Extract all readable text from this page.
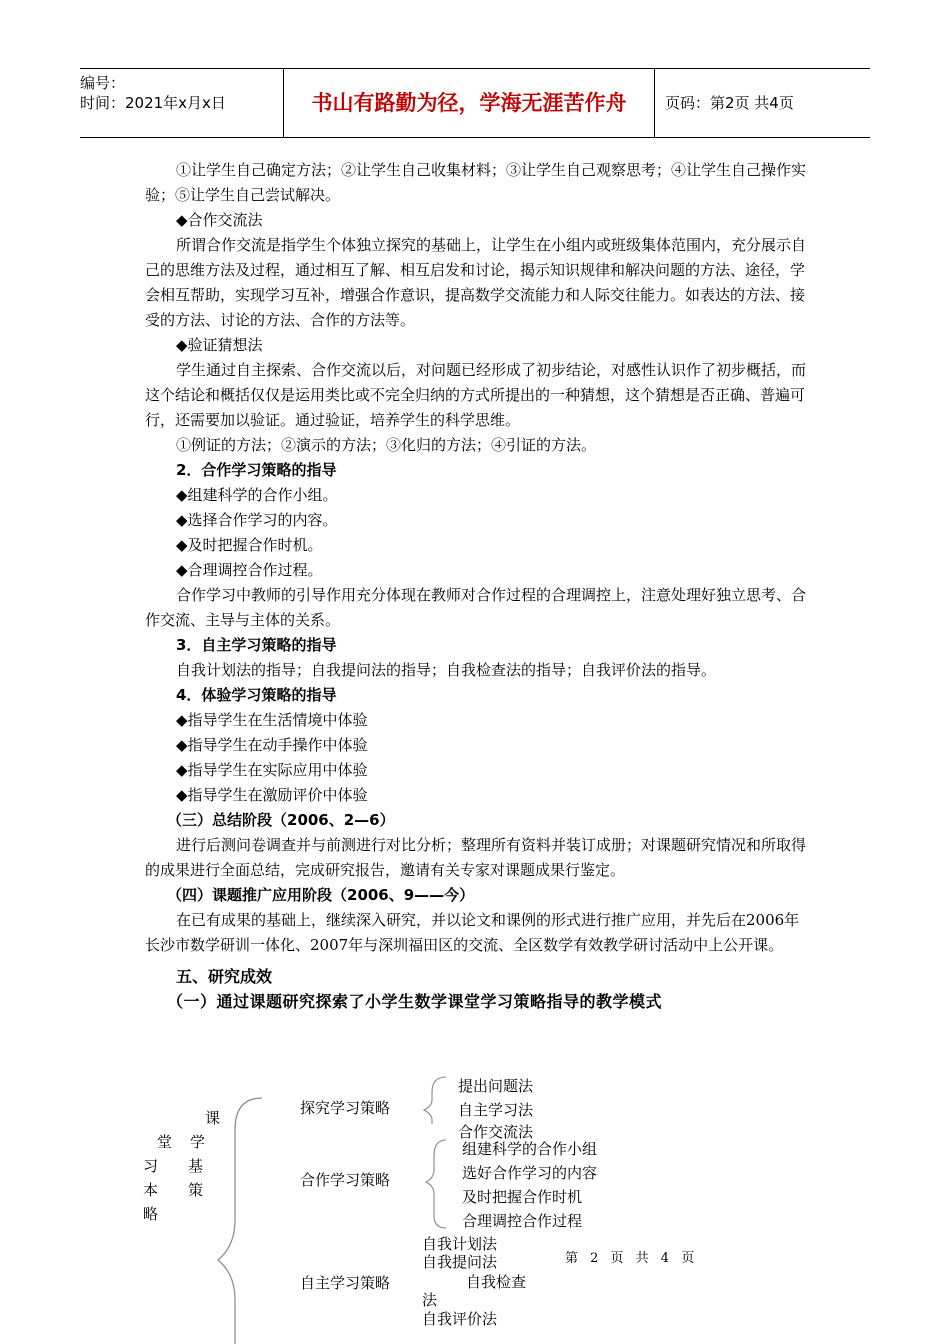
编号：
时间：2021年x月x日	书山有路勤为径，学海无涯苦作舟	页码：第2页 共4页

①让学生自己确定方法；②让学生自己收集材料；③让学生自己观察思考；④让学生自己操作实验；⑤让学生自己尝试解决。

◆合作交流法

所谓合作交流是指学生个体独立探究的基础上，让学生在小组内或班级集体范围内，充分展示自己的思维方法及过程，通过相互了解、相互启发和讨论，揭示知识规律和解决问题的方法、途径，学会相互帮助，实现学习互补，增强合作意识，提高数学交流能力和人际交往能力。如表达的方法、接受的方法、讨论的方法、合作的方法等。

◆验证猜想法

学生通过自主探索、合作交流以后，对问题已经形成了初步结论，对感性认识作了初步概括，而这个结论和概括仅仅是运用类比或不完全归纳的方式所提出的一种猜想，这个猜想是否正确、普遍可行，还需要加以验证。通过验证，培养学生的科学思维。

①例证的方法；②演示的方法；③化归的方法；④引证的方法。

2．合作学习策略的指导

◆组建科学的合作小组。

◆选择合作学习的内容。

◆及时把握合作时机。

◆合理调控合作过程。

合作学习中教师的引导作用充分体现在教师对合作过程的合理调控上，注意处理好独立思考、合作交流、主导与主体的关系。

3．自主学习策略的指导

自我计划法的指导；自我提问法的指导；自我检查法的指导；自我评价法的指导。

4．体验学习策略的指导

◆指导学生在生活情境中体验

◆指导学生在动手操作中体验

◆指导学生在实际应用中体验

◆指导学生在激励评价中体验

（三）总结阶段（2006、2—6）

进行后测问卷调查并与前测进行对比分析；整理所有资料并装订成册；对课题研究情况和所取得的成果进行全面总结，完成研究报告，邀请有关专家对课题成果行鉴定。

（四）课题推广应用阶段（2006、9——今）

在已有成果的基础上，继续深入研究，并以论文和课例的形式进行推广应用，并先后在2006年长沙市数学研训一体化、2007年与深圳福田区的交流、全区数学有效教学研讨活动中上公开课。

五、研究成效

（一）通过课题研究探索了小学生数学课堂学习策略指导的教学模式

课
堂 学
习 基
本 策
略
探究学习策略
提出问题法
自主学习法
合作交流法
合作学习策略
组建科学的合作小组
选好合作学习的内容
及时把握合作时机
合理调控合作过程
自主学习策略
自我计划法
自我提问法
自我检查
法
自我评价法
第 2 页 共 4 页
